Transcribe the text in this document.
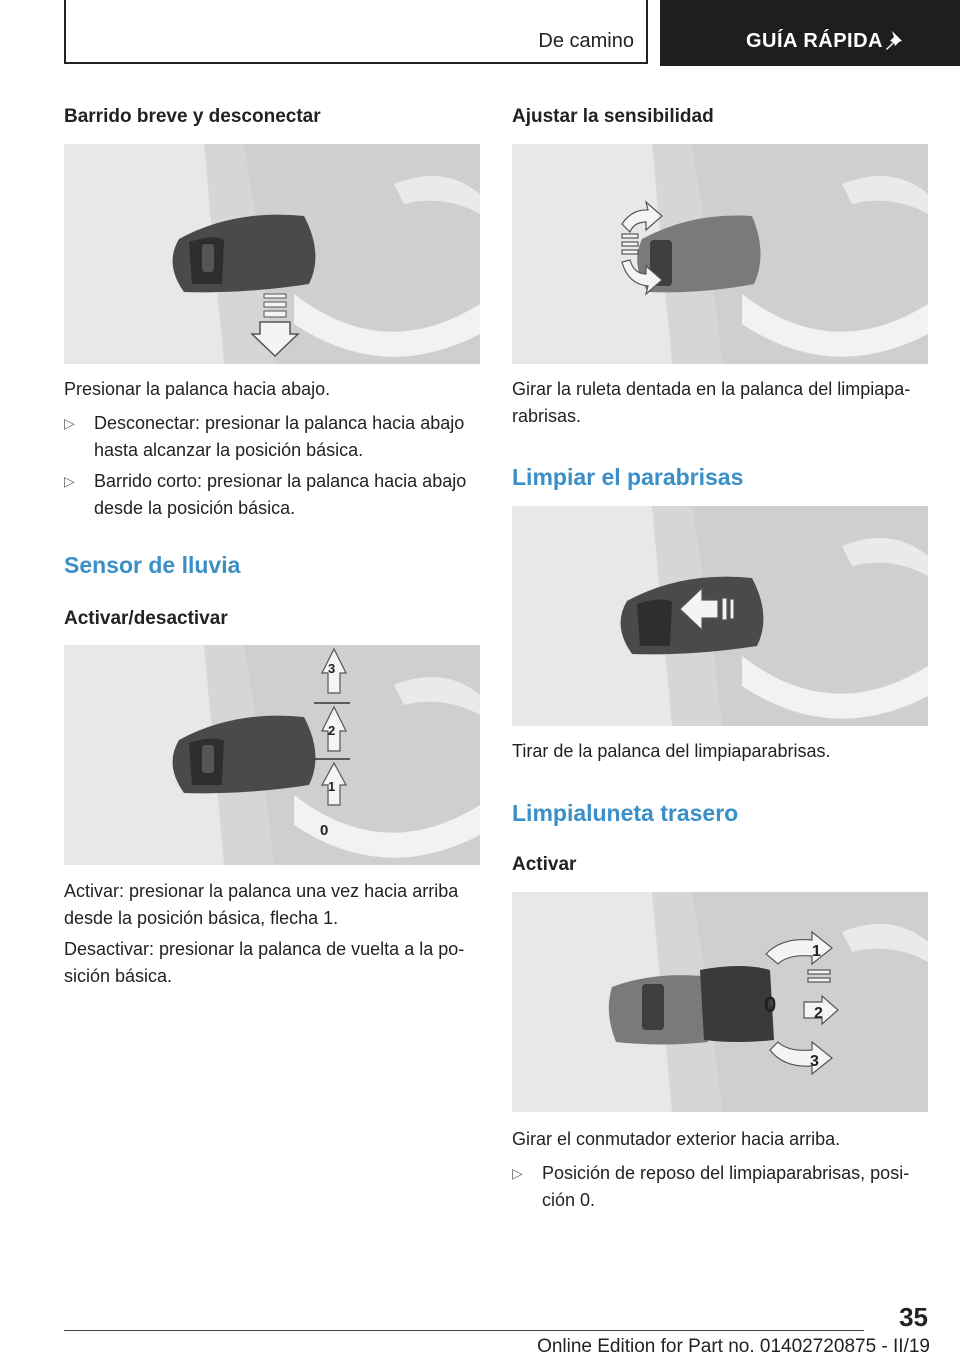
De camino	GUÍA RÁPIDA
Barrido breve y desconectar
Presionar la palanca hacia abajo.
▷ Desconectar: presionar la palanca hacia abajo hasta alcanzar la posición básica.
▷ Barrido corto: presionar la palanca hacia abajo desde la posición básica.
Sensor de lluvia
Activar/desactivar
3
2
1
0
Activar: presionar la palanca una vez hacia arriba desde la posición básica, flecha 1.
Desactivar: presionar la palanca de vuelta a la po‐sición básica.
Ajustar la sensibilidad
Girar la ruleta dentada en la palanca del limpiapa‐rabrisas.
Limpiar el parabrisas
Tirar de la palanca del limpiaparabrisas.
Limpialuneta trasero
Activar
0
1
2
3
Girar el conmutador exterior hacia arriba.
▷ Posición de reposo del limpiaparabrisas, posi‐ción 0.
35
Online Edition for Part no. 01402720875 - II/19
